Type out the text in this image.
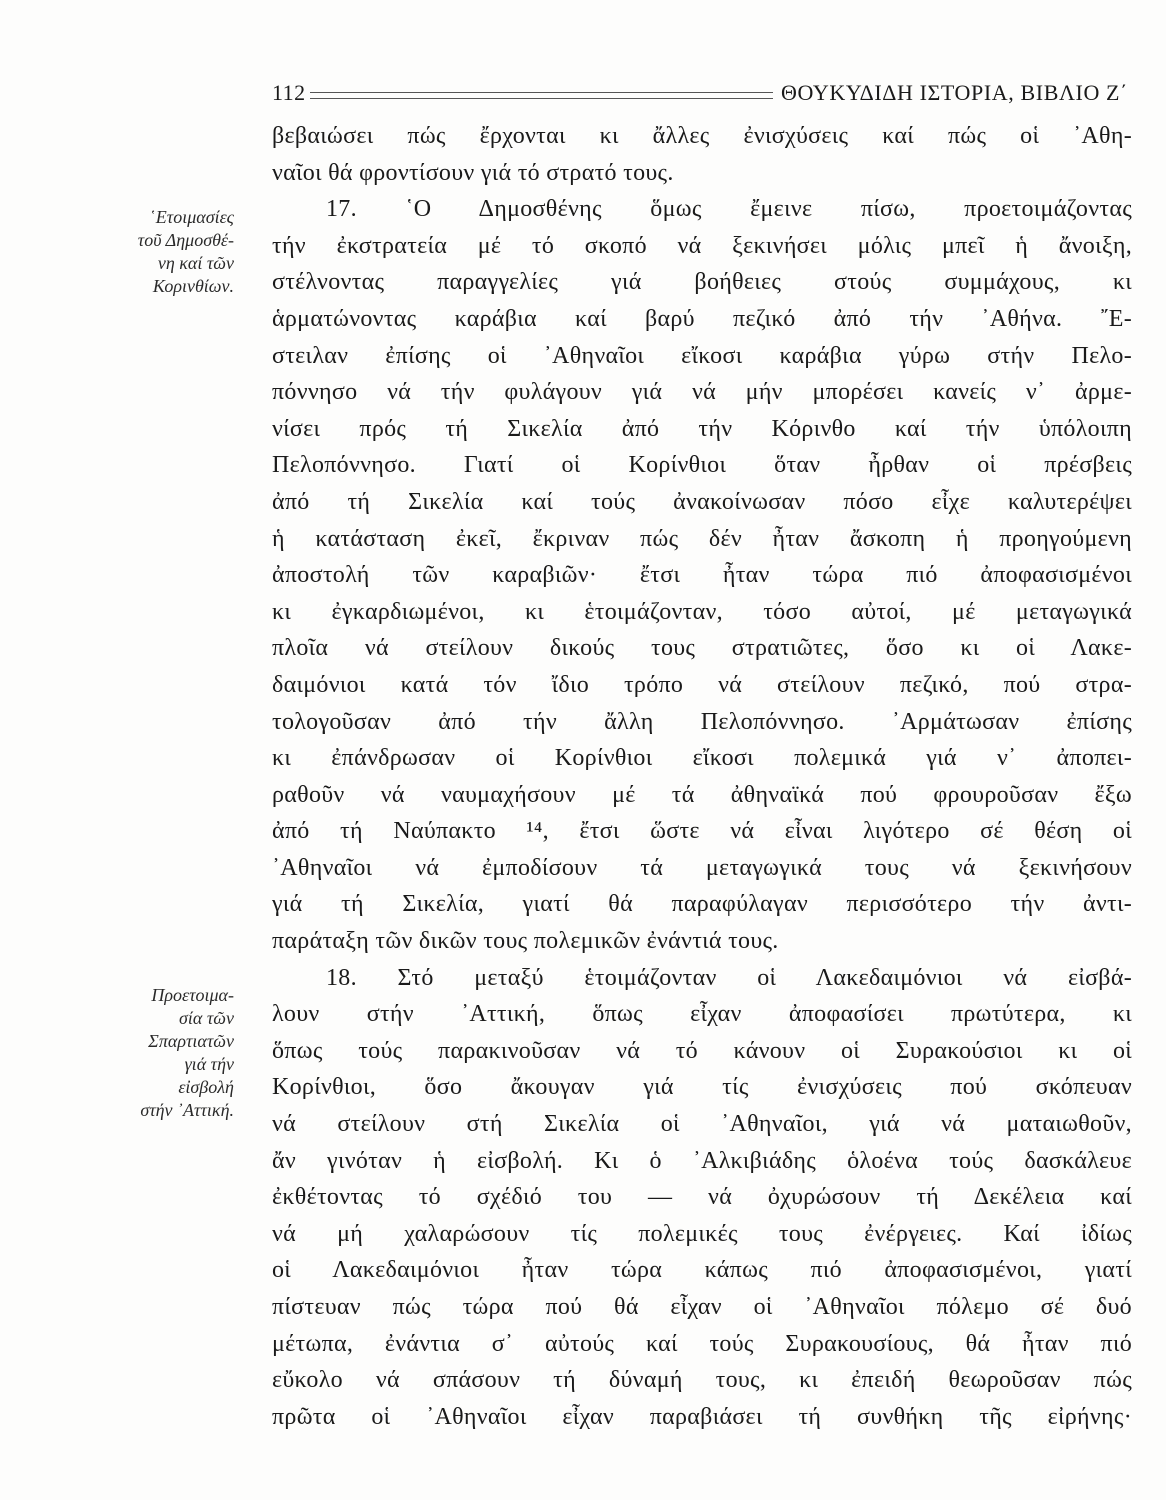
112	ΘΟΥΚΥΔΙΔΗ ΙΣΤΟΡΙΑ, ΒΙΒΛΙΟ Ζ΄
῾Ετοιμασίες
τοῦ Δημοσθέ-
νη καί τῶν
Κορινθίων.
Προετοιμα-
σία τῶν
Σπαρτιατῶν
γιά τήν
εἰσβολή
στήν ᾿Αττική.
βεβαιώσει πώς ἔρχονται κι ἄλλες ἐνισχύσεις καί πώς οἱ ᾿Αθη-
ναῖοι θά φροντίσουν γιά τό στρατό τους.
17. ῾Ο Δημοσθένης ὅμως ἔμεινε πίσω, προετοιμάζοντας
τήν ἐκστρατεία μέ τό σκοπό νά ξεκινήσει μόλις μπεῖ ἡ ἄνοιξη,
στέλνοντας παραγγελίες γιά βοήθειες στούς συμμάχους, κι
ἁρματώνοντας καράβια καί βαρύ πεζικό ἀπό τήν ᾿Αθήνα. ῎Ε-
στειλαν ἐπίσης οἱ ᾿Αθηναῖοι εἴκοσι καράβια γύρω στήν Πελο-
πόννησο νά τήν φυλάγουν γιά νά μήν μπορέσει κανείς ν᾿ ἀρμε-
νίσει πρός τή Σικελία ἀπό τήν Κόρινθο καί τήν ὑπόλοιπη
Πελοπόννησο. Γιατί οἱ Κορίνθιοι ὅταν ἦρθαν οἱ πρέσβεις
ἀπό τή Σικελία καί τούς ἀνακοίνωσαν πόσο εἶχε καλυτερέψει
ἡ κατάσταση ἐκεῖ, ἔκριναν πώς δέν ἦταν ἄσκοπη ἡ προηγούμενη
ἀποστολή τῶν καραβιῶν· ἔτσι ἦταν τώρα πιό ἀποφασισμένοι
κι ἐγκαρδιωμένοι, κι ἑτοιμάζονταν, τόσο αὐτοί, μέ μεταγωγικά
πλοῖα νά στείλουν δικούς τους στρατιῶτες, ὅσο κι οἱ Λακε-
δαιμόνιοι κατά τόν ἴδιο τρόπο νά στείλουν πεζικό, πού στρα-
τολογοῦσαν ἀπό τήν ἄλλη Πελοπόννησο. ᾿Αρμάτωσαν ἐπίσης
κι ἐπάνδρωσαν οἱ Κορίνθιοι εἴκοσι πολεμικά γιά ν᾿ ἀποπει-
ραθοῦν νά ναυμαχήσουν μέ τά ἀθηναϊκά πού φρουροῦσαν ἔξω
ἀπό τή Ναύπακτο ¹⁴, ἔτσι ὥστε νά εἶναι λιγότερο σέ θέση οἱ
᾿Αθηναῖοι νά ἐμποδίσουν τά μεταγωγικά τους νά ξεκινήσουν
γιά τή Σικελία, γιατί θά παραφύλαγαν περισσότερο τήν ἀντι-
παράταξη τῶν δικῶν τους πολεμικῶν ἐνάντιά τους.
18. Στό μεταξύ ἑτοιμάζονταν οἱ Λακεδαιμόνιοι νά εἰσβά-
λουν στήν ᾿Αττική, ὅπως εἶχαν ἀποφασίσει πρωτύτερα, κι
ὅπως τούς παρακινοῦσαν νά τό κάνουν οἱ Συρακούσιοι κι οἱ
Κορίνθιοι, ὅσο ἄκουγαν γιά τίς ἐνισχύσεις πού σκόπευαν
νά στείλουν στή Σικελία οἱ ᾿Αθηναῖοι, γιά νά ματαιωθοῦν,
ἄν γινόταν ἡ εἰσβολή. Κι ὁ ᾿Αλκιβιάδης ὁλοένα τούς δασκάλευε
ἐκθέτοντας τό σχέδιό του — νά ὀχυρώσουν τή Δεκέλεια καί
νά μή χαλαρώσουν τίς πολεμικές τους ἐνέργειες. Καί ἰδίως
οἱ Λακεδαιμόνιοι ἦταν τώρα κάπως πιό ἀποφασισμένοι, γιατί
πίστευαν πώς τώρα πού θά εἶχαν οἱ ᾿Αθηναῖοι πόλεμο σέ δυό
μέτωπα, ἐνάντια σ᾿ αὐτούς καί τούς Συρακουσίους, θά ἦταν πιό
εὔκολο νά σπάσουν τή δύναμή τους, κι ἐπειδή θεωροῦσαν πώς
πρῶτα οἱ ᾿Αθηναῖοι εἶχαν παραβιάσει τή συνθήκη τῆς εἰρήνης·
